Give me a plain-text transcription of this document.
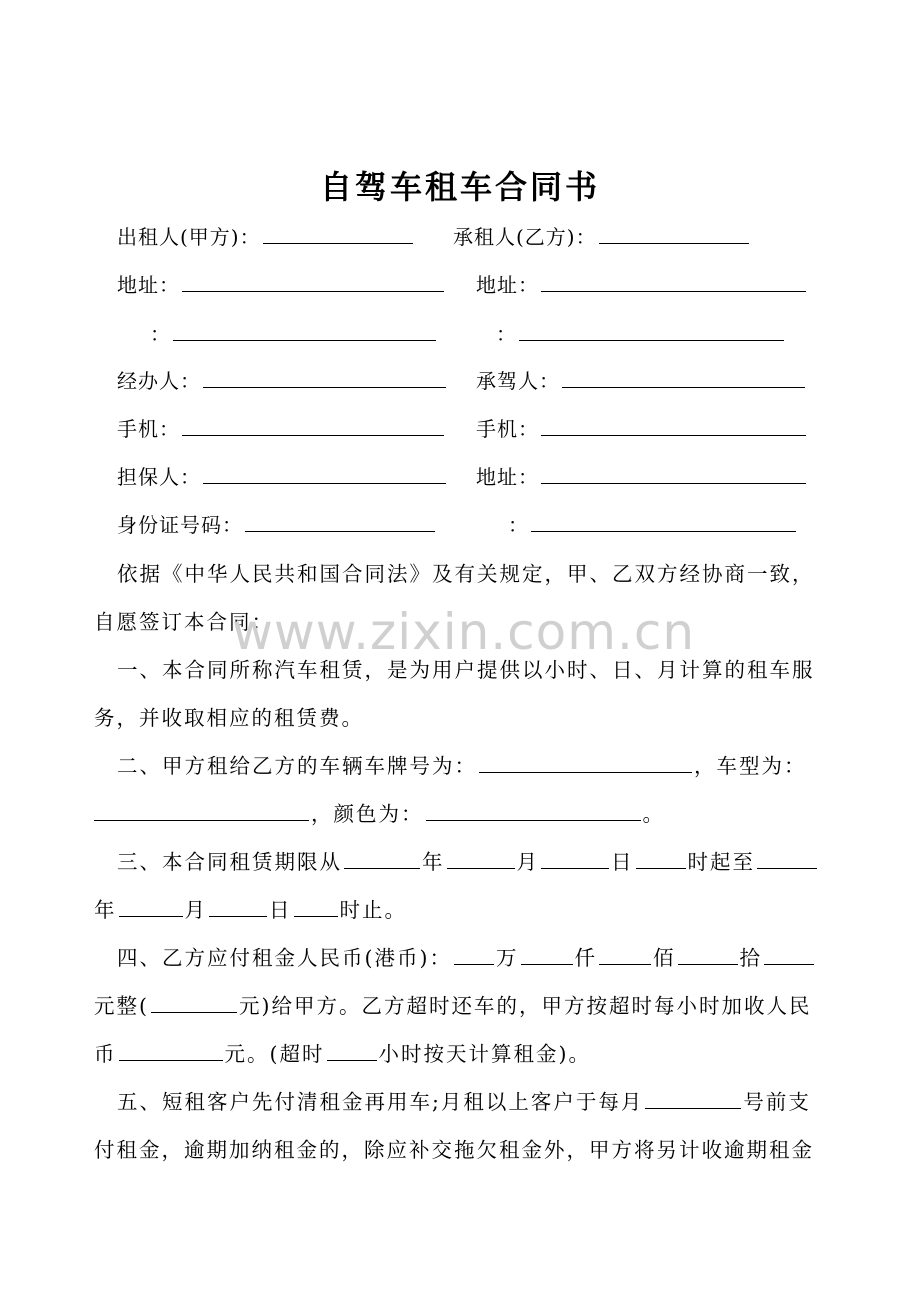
自驾车租车合同书
出租人(甲方)：	承租人(乙方)：
地址：	地址：
：	：
经办人：	承驾人：
手机：	手机：
担保人：	地址：
身份证号码：	：
依据《中华人民共和国合同法》及有关规定，甲、乙双方经协商一致，
自愿签订本合同：
一、本合同所称汽车租赁，是为用户提供以小时、日、月计算的租车服
务，并收取相应的租赁费。
二、甲方租给乙方的车辆车牌号为：	，车型为：
，颜色为：	。
三、本合同租赁期限从	年	月	日	时起至
年	月	日 时止。
四、乙方应付租金人民币(港币)： 万	仟	佰	拾
元整(	元)给甲方。乙方超时还车的，甲方按超时每小时加收人民
币	元。(超时	小时按天计算租金)。
五、短租客户先付清租金再用车;月租以上客户于每月	号前支
付租金，逾期加纳租金的，除应补交拖欠租金外，甲方将另计收逾期租金
www.zixin.com.cn
